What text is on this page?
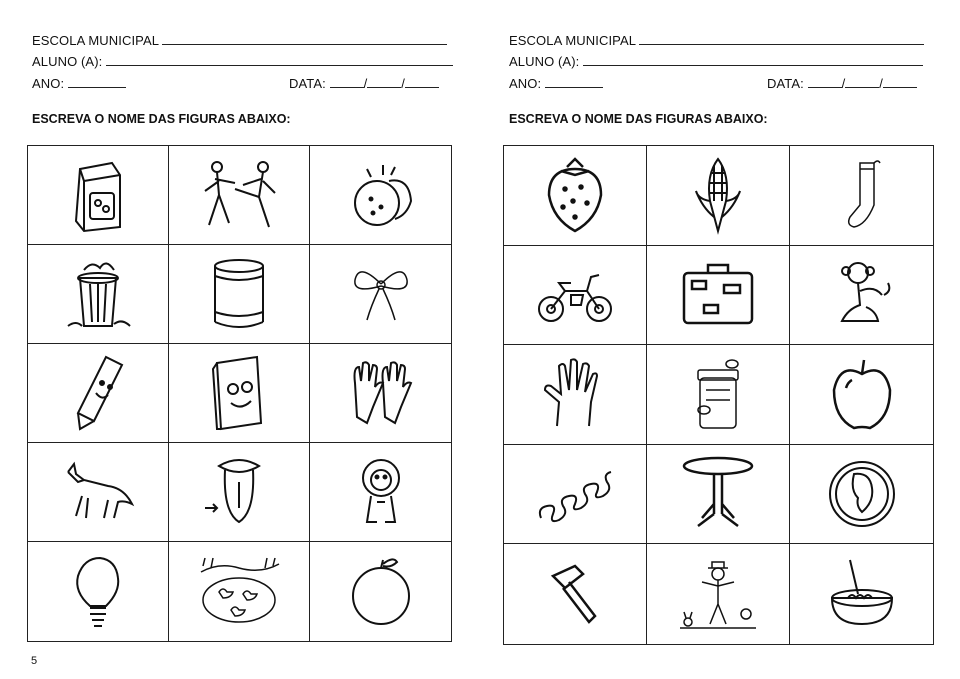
ESCOLA MUNICIPAL
ALUNO (A):
ANO:	DATA:	/	/
ESCREVA O NOME DAS FIGURAS ABAIXO:
5
ESCOLA MUNICIPAL
ALUNO (A):
ANO:	DATA:	/	/
ESCREVA O NOME DAS FIGURAS ABAIXO:
